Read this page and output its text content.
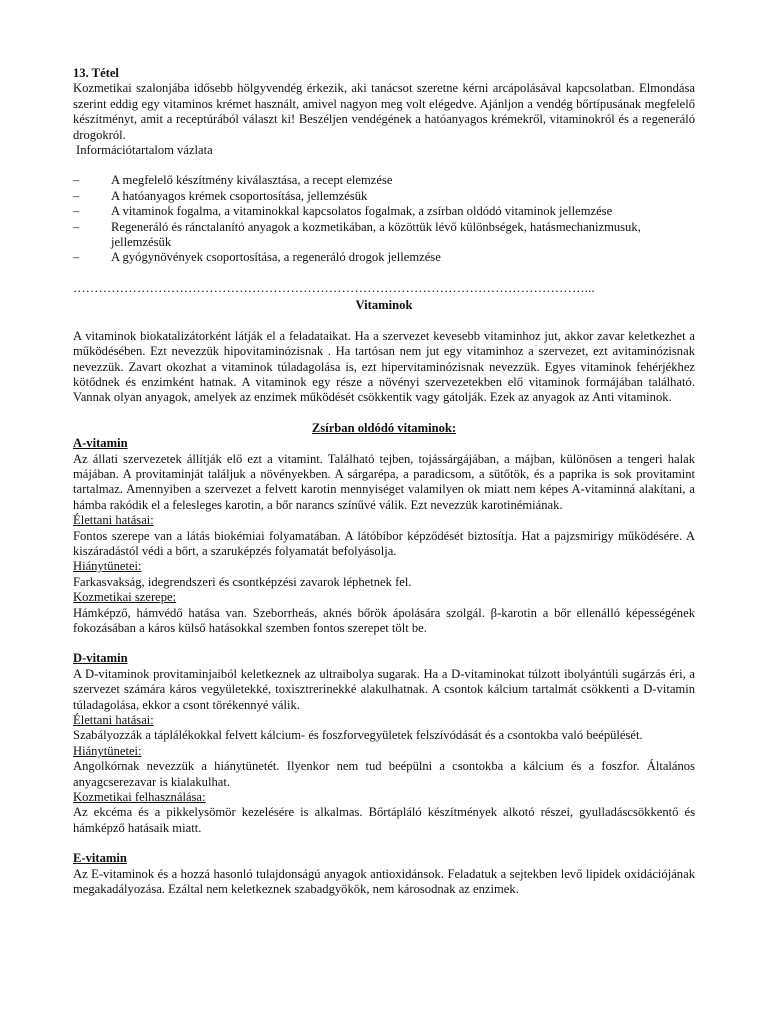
13. Tétel

Kozmetikai szalonjába idősebb hölgyvendég érkezik, aki tanácsot szeretne kérni arcápolásával kapcsolatban. Elmondása szerint eddig egy vitaminos krémet használt, amivel nagyon meg volt elégedve. Ajánljon a vendég bőrtípusának megfelelő készítményt, amit a receptúrából választ ki! Beszéljen vendégének a hatóanyagos krémekről, vitaminokról és a regeneráló drogokról.

Információtartalom vázlata

–	A megfelelő készítmény kiválasztása, a recept elemzése
–	A hatóanyagos krémek csoportosítása, jellemzésük
–	A vitaminok fogalma, a vitaminokkal kapcsolatos fogalmak, a zsírban oldódó vitaminok jellemzése
–	Regeneráló és ránctalanító anyagok a kozmetikában, a közöttük lévő különbségek, hatásmechanizmusuk, jellemzésük
–	A gyógynövények csoportosítása, a regeneráló drogok jellemzése
…………………………………………………………………………………………………………...

Vitaminok

A vitaminok biokatalizátorként látják el a feladataikat. Ha a szervezet kevesebb vitaminhoz jut, akkor zavar keletkezhet a működésében. Ezt nevezzük hipovitaminózisnak . Ha tartósan nem jut egy vitaminhoz a szervezet, ezt avitaminózisnak nevezzük. Zavart okozhat a vitaminok túladagolása is, ezt hipervitaminózisnak nevezzük. Egyes vitaminok fehérjékhez kötődnek és enzimként hatnak. A vitaminok egy része a növényi szervezetekben elő vitaminok formájában található. Vannak olyan anyagok, amelyek az enzimek működését csökkentik vagy gátolják. Ezek az anyagok az Anti vitaminok.

Zsírban oldódó vitaminok:

A-vitamin

Az állati szervezetek állítják elő ezt a vitamint. Található tejben, tojássárgájában, a májban, különösen a tengeri halak májában. A provitaminját találjuk a növényekben. A sárgarépa, a paradicsom, a sütőtök, és a paprika is sok provitamint tartalmaz. Amennyiben a szervezet a felvett karotin mennyiséget valamilyen ok miatt nem képes A-vitaminná alakítani, a hámba rakódik el a felesleges karotin, a bőr narancs színűvé válik. Ezt nevezzük karotinémiának.

Élettani hatásai:

Fontos szerepe van a látás biokémiai folyamatában. A látóbíbor képződését biztosítja. Hat a pajzsmirigy működésére. A kiszáradástól védi a bőrt, a szaruképzés folyamatát befolyásolja.

Hiánytünetei:

Farkasvakság, idegrendszeri és csontképzési zavarok léphetnek fel.

Kozmetikai szerepe:

Hámképző, hámvédő hatása van. Szeborrheás, aknés bőrök ápolására szolgál. β-karotin a bőr ellenálló képességének fokozásában a káros külső hatásokkal szemben fontos szerepet tölt be.

D-vitamin

A D-vitaminok provitaminjaiból keletkeznek az ultraibolya sugarak. Ha a D-vitaminokat túlzott ibolyántúli sugárzás éri, a szervezet számára káros vegyületekké, toxisztrerinekké alakulhatnak. A csontok kálcium tartalmát csökkenti a D-vitamin túladagolása, ekkor a csont törékennyé válik.

Élettani hatásai:

Szabályozzák a táplálékokkal felvett kálcium- és foszforvegyületek felszívódását és a csontokba való beépülését.

Hiánytünetei:

Angolkórnak nevezzük a hiánytünetét. Ilyenkor nem tud beépülni a csontokba a kálcium és a foszfor. Általános anyagcserezavar is kialakulhat.

Kozmetikai felhasználása:

Az ekcéma és a pikkelysömör kezelésére is alkalmas. Bőrtápláló készítmények alkotó részei, gyulladáscsökkentő és hámképző hatásaik miatt.

E-vitamin

Az E-vitaminok és a hozzá hasonló tulajdonságú anyagok antioxidánsok. Feladatuk a sejtekben levő lipidek oxidációjának megakadályozása. Ezáltal nem keletkeznek szabadgyökök, nem károsodnak az enzimek.
